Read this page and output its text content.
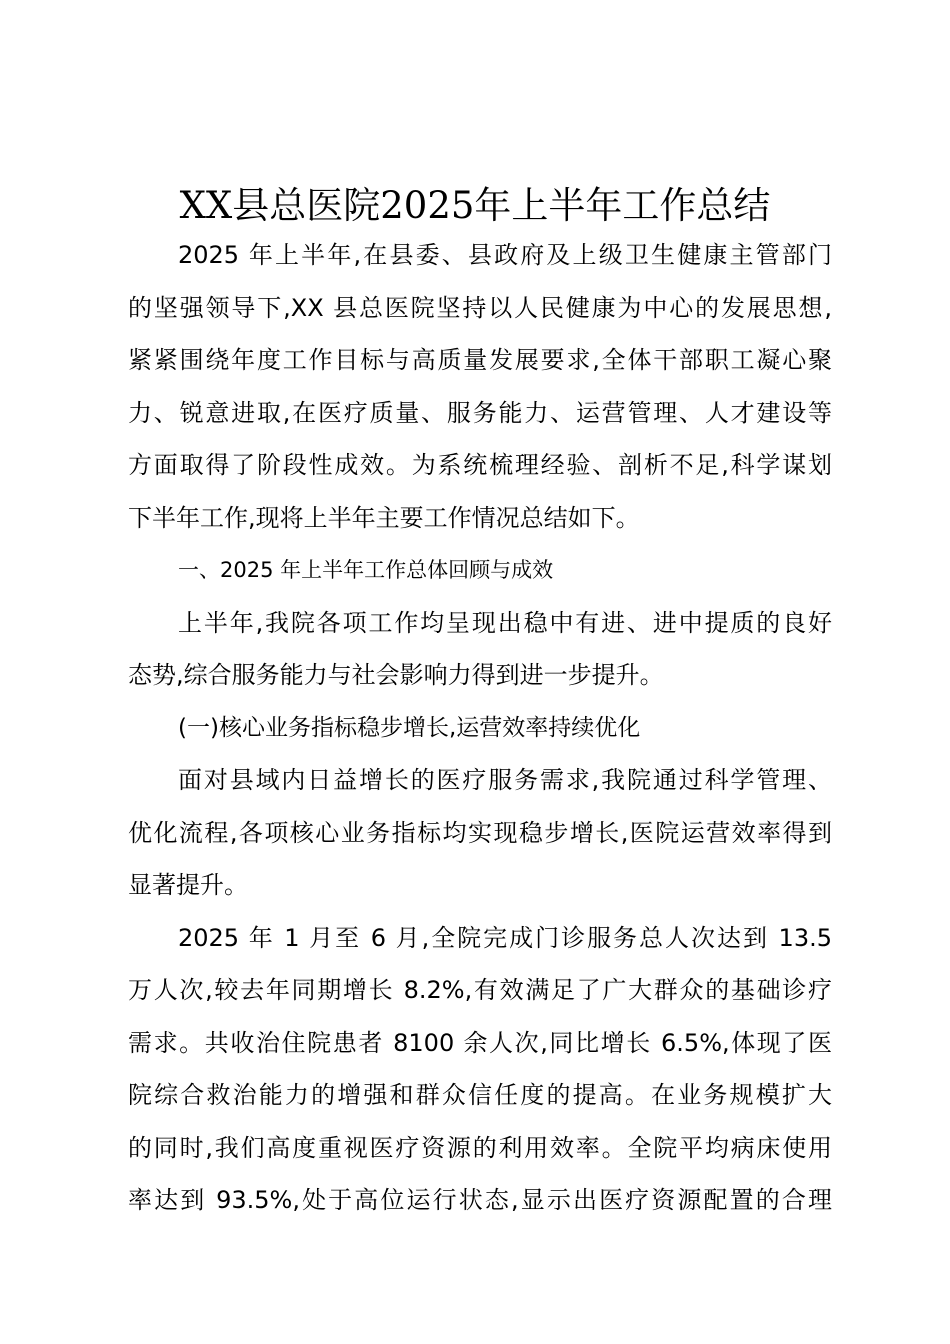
XX县总医院2025年上半年工作总结
2025 年上半年,在县委、县政府及上级卫生健康主管部门
的坚强领导下,XX 县总医院坚持以人民健康为中心的发展思想,
紧紧围绕年度工作目标与高质量发展要求,全体干部职工凝心聚
力、锐意进取,在医疗质量、服务能力、运营管理、人才建设等
方面取得了阶段性成效。为系统梳理经验、剖析不足,科学谋划
下半年工作,现将上半年主要工作情况总结如下。
一、2025 年上半年工作总体回顾与成效
上半年,我院各项工作均呈现出稳中有进、进中提质的良好
态势,综合服务能力与社会影响力得到进一步提升。
(一)核心业务指标稳步增长,运营效率持续优化
面对县域内日益增长的医疗服务需求,我院通过科学管理、
优化流程,各项核心业务指标均实现稳步增长,医院运营效率得到
显著提升。
2025 年 1 月至 6 月,全院完成门诊服务总人次达到 13.5
万人次,较去年同期增长 8.2%,有效满足了广大群众的基础诊疗
需求。共收治住院患者 8100 余人次,同比增长 6.5%,体现了医
院综合救治能力的增强和群众信任度的提高。在业务规模扩大
的同时,我们高度重视医疗资源的利用效率。全院平均病床使用
率达到 93.5%,处于高位运行状态,显示出医疗资源配置的合理
